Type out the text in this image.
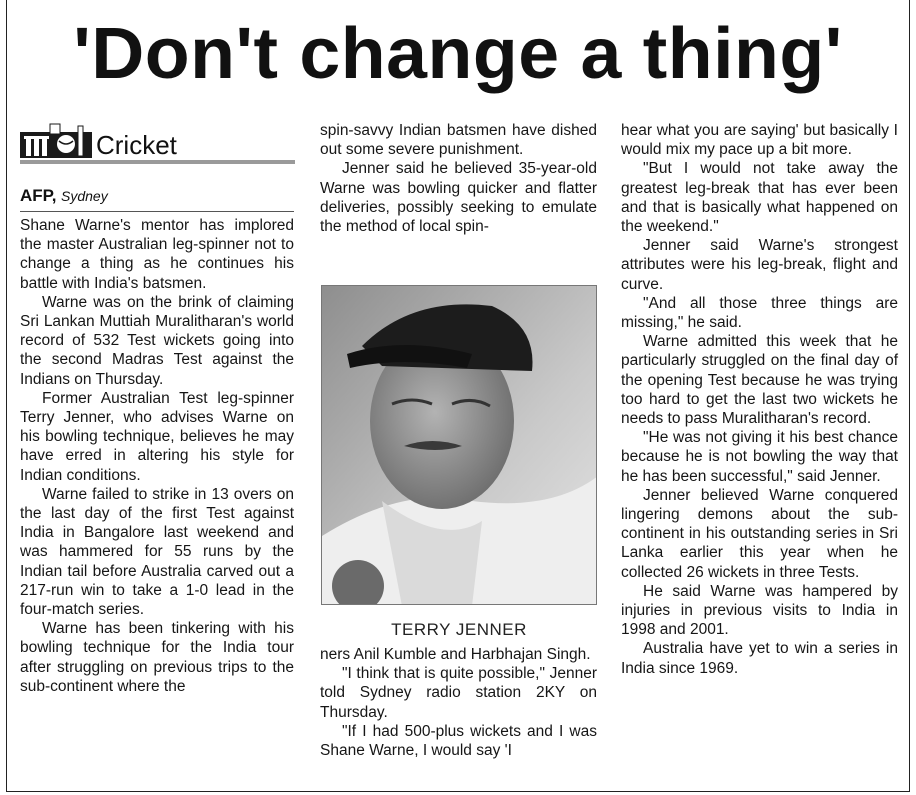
'Don't change a thing'
Cricket
AFP, Sydney

Shane Warne's mentor has implored the master Australian leg-spinner not to change a thing as he continues his battle with India's batsmen.

Warne was on the brink of claiming Sri Lankan Muttiah Muralitharan's world record of 532 Test wickets going into the second Madras Test against the Indians on Thursday.

Former Australian Test leg-spinner Terry Jenner, who advises Warne on his bowling technique, believes he may have erred in altering his style for Indian conditions.

Warne failed to strike in 13 overs on the last day of the first Test against India in Bangalore last weekend and was hammered for 55 runs by the Indian tail before Australia carved out a 217-run win to take a 1-0 lead in the four-match series.

Warne has been tinkering with his bowling technique for the India tour after struggling on previous trips to the sub-continent where the

spin-savvy Indian batsmen have dished out some severe punishment.

Jenner said he believed 35-year-old Warne was bowling quicker and flatter deliveries, possibly seeking to emulate the method of local spin-

TERRY JENNER

ners Anil Kumble and Harbhajan Singh.

"I think that is quite possible," Jenner told Sydney radio station 2KY on Thursday.

"If I had 500-plus wickets and I was Shane Warne, I would say 'I

hear what you are saying' but basically I would mix my pace up a bit more.

"But I would not take away the greatest leg-break that has ever been and that is basically what happened on the weekend."

Jenner said Warne's strongest attributes were his leg-break, flight and curve.

"And all those three things are missing," he said.

Warne admitted this week that he particularly struggled on the final day of the opening Test because he was trying too hard to get the last two wickets he needs to pass Muralitharan's record.

"He was not giving it his best chance because he is not bowling the way that he has been successful," said Jenner.

Jenner believed Warne conquered lingering demons about the sub-continent in his outstanding series in Sri Lanka earlier this year when he collected 26 wickets in three Tests.

He said Warne was hampered by injuries in previous visits to India in 1998 and 2001.

Australia have yet to win a series in India since 1969.
